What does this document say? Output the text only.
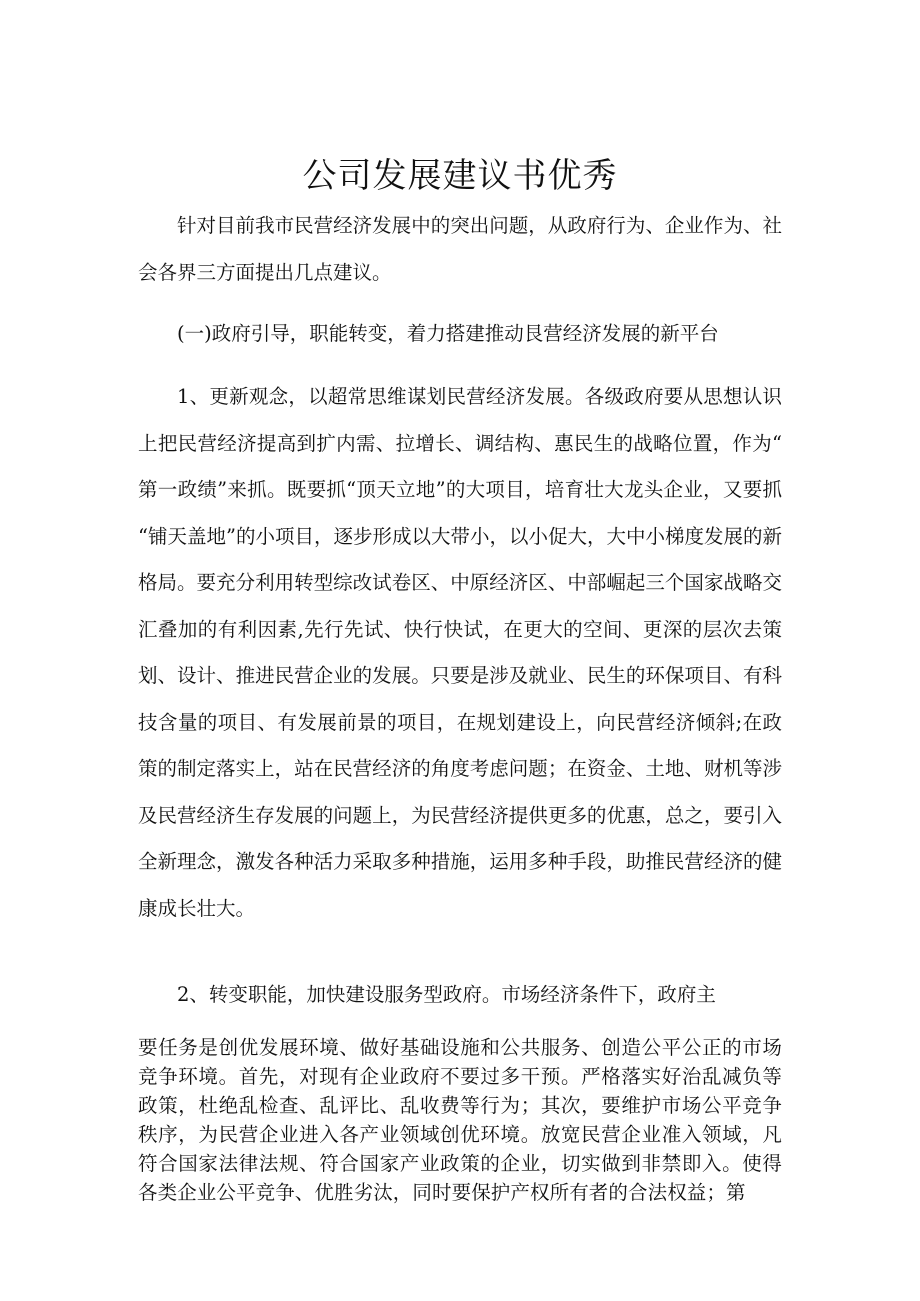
公司发展建议书优秀

针对目前我市民营经济发展中的突出问题，从政府行为、企业作为、社会各界三方面提出几点建议。

(一)政府引导，职能转变，着力搭建推动艮营经济发展的新平台

1、更新观念，以超常思维谋划民营经济发展。各级政府要从思想认识上把民营经济提高到扩内需、拉增长、调结构、惠民生的战略位置，作为“第一政绩”来抓。既要抓“顶天立地”的大项目，培育壮大龙头企业，又要抓“铺天盖地”的小项目，逐步形成以大带小，以小促大，大中小梯度发展的新格局。要充分利用转型综改试卷区、中原经济区、中部崛起三个国家战略交汇叠加的有利因素,先行先试、快行快试，在更大的空间、更深的层次去策划、设计、推进民营企业的发展。只要是涉及就业、民生的环保项目、有科技含量的项目、有发展前景的项目，在规划建设上，向民营经济倾斜;在政策的制定落实上，站在民营经济的角度考虑问题；在资金、土地、财机等涉及民营经济生存发展的问题上，为民营经济提供更多的优惠，总之，要引入全新理念，激发各种活力采取多种措施，运用多种手段，助推民营经济的健康成长壮大。

2、转变职能，加快建设服务型政府。市场经济条件下，政府主

要任务是创优发展环境、做好基础设施和公共服务、创造公平公正的市场竞争环境。首先，对现有企业政府不要过多干预。严格落实好治乱减负等政策，杜绝乱检查、乱评比、乱收费等行为；其次，要维护市场公平竞争秩序，为民营企业进入各产业领域创优环境。放宽民营企业准入领域，凡符合国家法律法规、符合国家产业政策的企业，切实做到非禁即入。使得各类企业公平竞争、优胜劣汰，同时要保护产权所有者的合法权益；第
